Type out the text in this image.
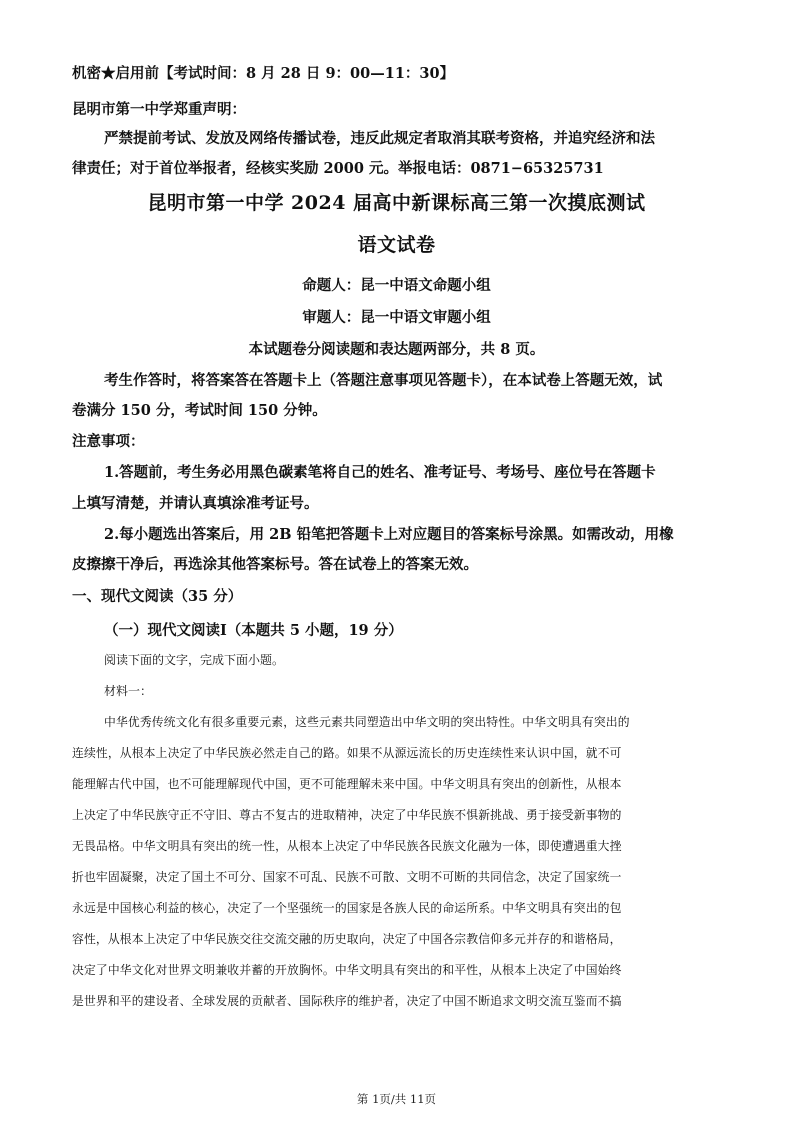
机密★启用前【考试时间：8 月 28 日 9：00—11：30】
昆明市第一中学郑重声明：
严禁提前考试、发放及网络传播试卷，违反此规定者取消其联考资格，并追究经济和法
律责任；对于首位举报者，经核实奖励 2000 元。举报电话：0871−65325731
昆明市第一中学 2024 届高中新课标高三第一次摸底测试
语文试卷
命题人：昆一中语文命题小组
审题人：昆一中语文审题小组
本试题卷分阅读题和表达题两部分，共 8 页。
考生作答时，将答案答在答题卡上（答题注意事项见答题卡），在本试卷上答题无效，试
卷满分 150 分，考试时间 150 分钟。
注意事项：
1.答题前，考生务必用黑色碳素笔将自己的姓名、准考证号、考场号、座位号在答题卡
上填写清楚，并请认真填涂准考证号。
2.每小题选出答案后，用 2B 铅笔把答题卡上对应题目的答案标号涂黑。如需改动，用橡
皮擦擦干净后，再选涂其他答案标号。答在试卷上的答案无效。
一、现代文阅读（35 分）
（一）现代文阅读Ⅰ（本题共 5 小题，19 分）
阅读下面的文字，完成下面小题。
材料一：
中华优秀传统文化有很多重要元素，这些元素共同塑造出中华文明的突出特性。中华文明具有突出的
连续性，从根本上决定了中华民族必然走自己的路。如果不从源远流长的历史连续性来认识中国，就不可
能理解古代中国，也不可能理解现代中国，更不可能理解未来中国。中华文明具有突出的创新性，从根本
上决定了中华民族守正不守旧、尊古不复古的进取精神，决定了中华民族不惧新挑战、勇于接受新事物的
无畏品格。中华文明具有突出的统一性，从根本上决定了中华民族各民族文化融为一体，即使遭遇重大挫
折也牢固凝聚，决定了国土不可分、国家不可乱、民族不可散、文明不可断的共同信念，决定了国家统一
永远是中国核心利益的核心，决定了一个坚强统一的国家是各族人民的命运所系。中华文明具有突出的包
容性，从根本上决定了中华民族交往交流交融的历史取向，决定了中国各宗教信仰多元并存的和谐格局，
决定了中华文化对世界文明兼收并蓄的开放胸怀。中华文明具有突出的和平性，从根本上决定了中国始终
是世界和平的建设者、全球发展的贡献者、国际秩序的维护者，决定了中国不断追求文明交流互鉴而不搞
第 1页/共 11页
